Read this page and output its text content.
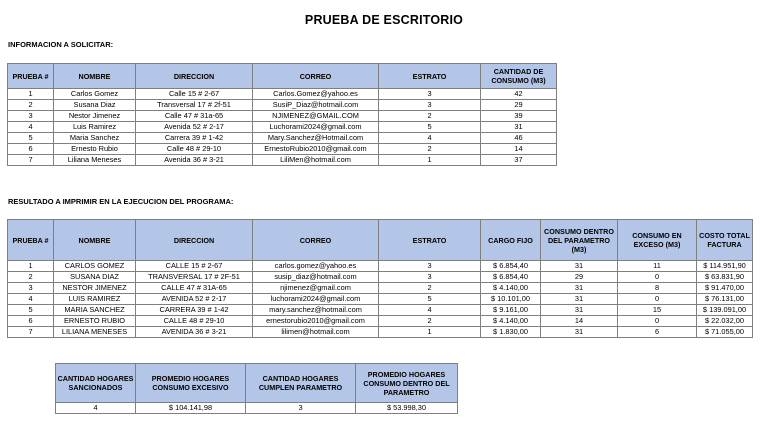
PRUEBA DE ESCRITORIO
INFORMACION A SOLICITAR:
PRUEBA #	NOMBRE	DIRECCION	CORREO	ESTRATO	CANTIDAD DE CONSUMO (M3)
1	Carlos Gomez	Calle 15 # 2-67	Carlos.Gomez@yahoo.es	3	42
2	Susana Diaz	Transversal 17 # 2f-51	SusiP_Diaz@hotmail.com	3	29
3	Nestor Jimenez	Calle 47 # 31a-65	NJIMENEZ@GMAIL.COM	2	39
4	Luis Ramirez	Avenida 52 # 2-17	Luchorami2024@gmail.com	5	31
5	Maria Sanchez	Carrera 39 # 1-42	Mary.Sanchez@Hotmail.com	4	46
6	Ernesto Rubio	Calle 48 # 29-10	ErnestoRubio2010@gmail.com	2	14
7	Liliana Meneses	Avenida 36 # 3-21	LiliMen@hotmail.com	1	37
RESULTADO A IMPRIMIR EN LA EJECUCION DEL PROGRAMA:
PRUEBA #	NOMBRE	DIRECCION	CORREO	ESTRATO	CARGO FIJO	CONSUMO DENTRO DEL PARAMETRO (M3)	CONSUMO EN EXCESO (M3)	COSTO TOTAL FACTURA
1	CARLOS GOMEZ	CALLE 15 # 2-67	carlos.gomez@yahoo.es	3	$ 6.854,40	31	11	$ 114.951,90
2	SUSANA DIAZ	TRANSVERSAL 17 # 2F-51	susip_diaz@hotmail.com	3	$ 6.854,40	29	0	$ 63.831,90
3	NESTOR JIMENEZ	CALLE 47 # 31A-65	njimenez@gmail.com	2	$ 4.140,00	31	8	$ 91.470,00
4	LUIS RAMIREZ	AVENIDA 52 # 2-17	luchorami2024@gmail.com	5	$ 10.101,00	31	0	$ 76.131,00
5	MARIA SANCHEZ	CARRERA 39 # 1-42	mary.sanchez@hotmail.com	4	$ 9.161,00	31	15	$ 139.091,00
6	ERNESTO RUBIO	CALLE 48 # 29-10	ernestorubio2010@gmail.com	2	$ 4.140,00	14	0	$ 22.032,00
7	LILIANA MENESES	AVENIDA 36 # 3-21	lilimen@hotmail.com	1	$ 1.830,00	31	6	$ 71.055,00
CANTIDAD HOGARES SANCIONADOS	PROMEDIO HOGARES CONSUMO EXCESIVO	CANTIDAD HOGARES CUMPLEN PARAMETRO	PROMEDIO HOGARES CONSUMO DENTRO DEL PARAMETRO
4	$ 104.141,98	3	$ 53.998,30
